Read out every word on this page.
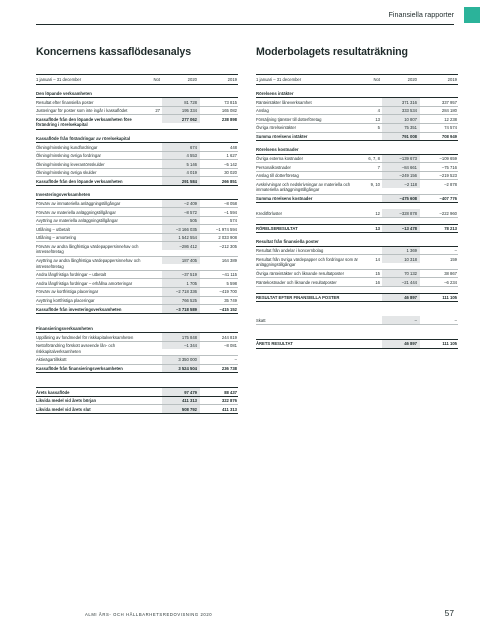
Finansiella rapporter
Koncernens kassaflödesanalys
1 januari – 31 december	Not	2020	2019
Den löpande verksamheten
Resultat efter finansiella poster	81 728	73 815
Justeringar för poster som inte ingår i kassaflödet	27	195 334	165 082
Kassaflöde från den löpande verksamheten före förändring i rörelsekapital
277 062	238 898
Kassaflöde från förändringar av rörelsekapital
Ökning/minskning kundfordringar	674	448
Ökning/minskning övriga fordringar	4 553	1 627
Ökning/minskning leverantörsskulder	5 146	–5 142
Ökning/minskning övriga skulder	4 019	30 020
Kassaflöde från den löpande verksamheten	291 584	266 851
Investeringsverksamheten
Förvärv av immateriella anläggningstillgångar	–2 409	–8 058
Förvärv av materiella anläggningstillgångar	–8 572	–1 594
Avyttring av materiella anläggningstillgångar	505	574
Utlåning – utbetalt	–3 166 035	–1 974 594
Utlåning – amortering	1 542 554	2 033 908
Förvärv av andra långfristiga värdepappersinnehav och intresseföretag
–286 412	–212 305
Avyttring av andra långfristiga värdepappersinnehav och intresseföretag
187 405	164 389
Andra långfristiga fordringar – utbetalt	–37 519	–41 115
Andra långfristiga fordringar – erhållna amorteringar	1 705	5 598
Förvärv av kortfristiga placeringar	–2 718 336	–419 700
Avyttring kortfristiga placeringar	766 525	35 749
Kassaflöde från investeringsverksamheten	–3 718 589	–415 152
Finansieringsverksamheten
Upplåning av fondmedel för riskkapitalverksamheten	175 848	244 819
Nettoförändring förskott avseende lån- och riskkapitalverksamheten
–1 344	–8 081
Aktieägartillskott	3 350 000	–
Kassaflöde från finansieringsverksamheten	3 524 504	236 738
Årets kassaflöde	97 479	88 437
Likvida medel vid årets början	411 313	322 876
Likvida medel vid årets slut	508 792	411 313
Moderbolagets resultaträkning
1 januari – 31 december	Not	2020	2019
Rörelsens intäkter
Ränteintäkter låneverksamhet	371 316	337 957
Anslag	4	333 534	284 180
Försäljning tjänster till dotterföretag	13	10 807	12 238
Övriga rörelseintäkter	5	75 351	74 574
Summa rörelsens intäkter	791 008	708 949
Rörelsens kostnader
Övriga externa kostnader	6, 7, 8	–139 673	–109 659
Personalkostnader	7	–84 661	–75 716
Anslag till dotterföretag	–249 156	–219 523
Avskrivningar och nedskrivningar av materiella och immateriella anläggningstillgångar
9, 10	–2 118	–2 878
Summa rörelsens kostnader	–475 608	–407 776
Kreditförluster	12	–328 878	–222 960
RÖRELSERESULTAT	13	–13 478	78 213
Resultat från finansiella poster
Resultat från andelar i koncernbolag	1 369	–
Resultat från övriga värdepapper och fordringar som är anläggningstillgångar
14	10 318	159
Övriga ränteintäkter och liknande resultatposter	15	70 132	38 867
Räntekostnader och liknande resultatposter	16	–21 444	–6 234
RESULTAT EFTER FINANSIELLA POSTER	46 897	111 105
Skatt	–	–
ÅRETS RESULTAT	46 897	111 105
ALMI ÅRS- OCH HÅLLBARHETSREDOVISNING 2020	57
